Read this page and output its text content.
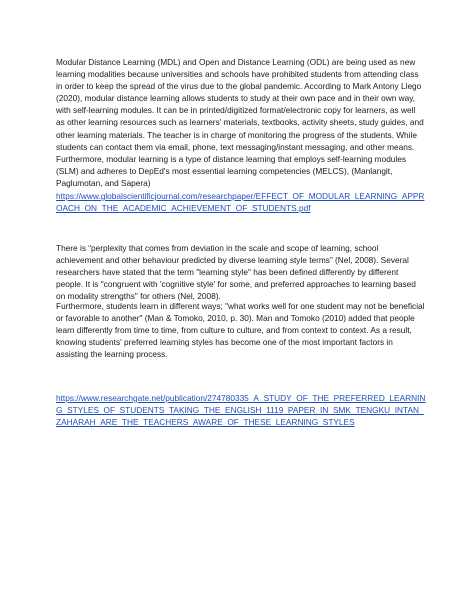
Modular Distance Learning (MDL) and Open and Distance Learning (ODL) are being used as new learning modalities because universities and schools have prohibited students from attending class in order to keep the spread of the virus due to the global pandemic. According to Mark Antony Llego (2020), modular distance learning allows students to study at their own pace and in their own way, with self-learning modules. It can be in printed/digitized format/electronic copy for learners, as well as other learning resources such as learners' materials, textbooks, activity sheets, study guides, and other learning materials. The teacher is in charge of monitoring the progress of the students. While students can contact them via email, phone, text messaging/instant messaging, and other means. Furthermore, modular learning is a type of distance learning that employs self-learning modules (SLM) and adheres to DepEd's most essential learning competencies (MELCS), (Manlangit, Paglumotan, and Sapera)

https://www.globalscientificjournal.com/researchpaper/EFFECT_OF_MODULAR_LEARNING_APPROACH_ON_THE_ACADEMIC_ACHIEVEMENT_OF_STUDENTS.pdf

There is “perplexity that comes from deviation in the scale and scope of learning, school achievement and other behaviour predicted by diverse learning style terms” (Nel, 2008). Several researchers have stated that the term "learning style" has been defined differently by different people. It is "congruent with 'cognitive style' for some, and preferred approaches to learning based on modality strengths" for others (Nel, 2008).

Furthermore, students learn in different ways; "what works well for one student may not be beneficial or favorable to another" (Man & Tomoko, 2010, p. 30). Man and Tomoko (2010) added that people learn differently from time to time, from culture to culture, and from context to context. As a result, knowing students' preferred learning styles has become one of the most important factors in assisting the learning process.

https://www.researchgate.net/publication/274780335_A_STUDY_OF_THE_PREFERRED_LEARNING_STYLES_OF_STUDENTS_TAKING_THE_ENGLISH_1119_PAPER_IN_SMK_TENGKU_INTAN_ZAHARAH_ARE_THE_TEACHERS_AWARE_OF_THESE_LEARNING_STYLES
